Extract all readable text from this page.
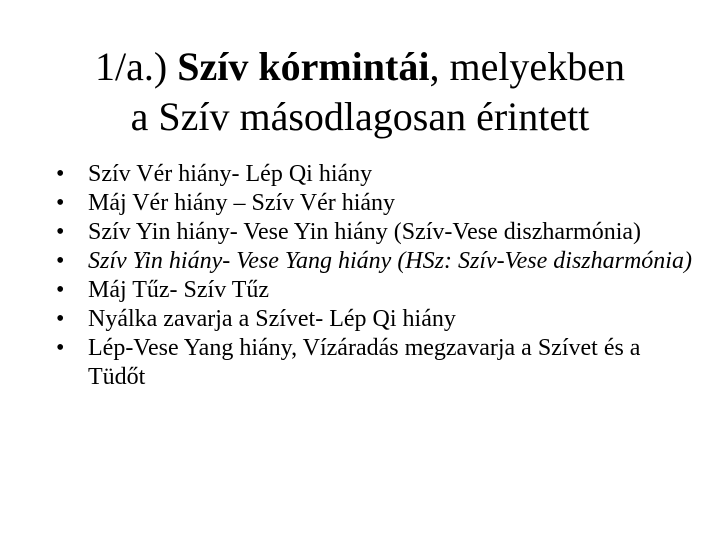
1/a.) Szív kórmintái, melyekben
a Szív másodlagosan érintett
• Szív Vér hiány- Lép Qi hiány
• Máj Vér hiány – Szív Vér hiány
• Szív Yin hiány- Vese Yin hiány (Szív-Vese diszharmónia)
• Szív Yin hiány- Vese Yang hiány (HSz: Szív-Vese diszharmónia)
• Máj Tűz- Szív Tűz
• Nyálka zavarja a Szívet- Lép Qi hiány
• Lép-Vese Yang hiány, Vízáradás megzavarja a Szívet és a Tüdőt
